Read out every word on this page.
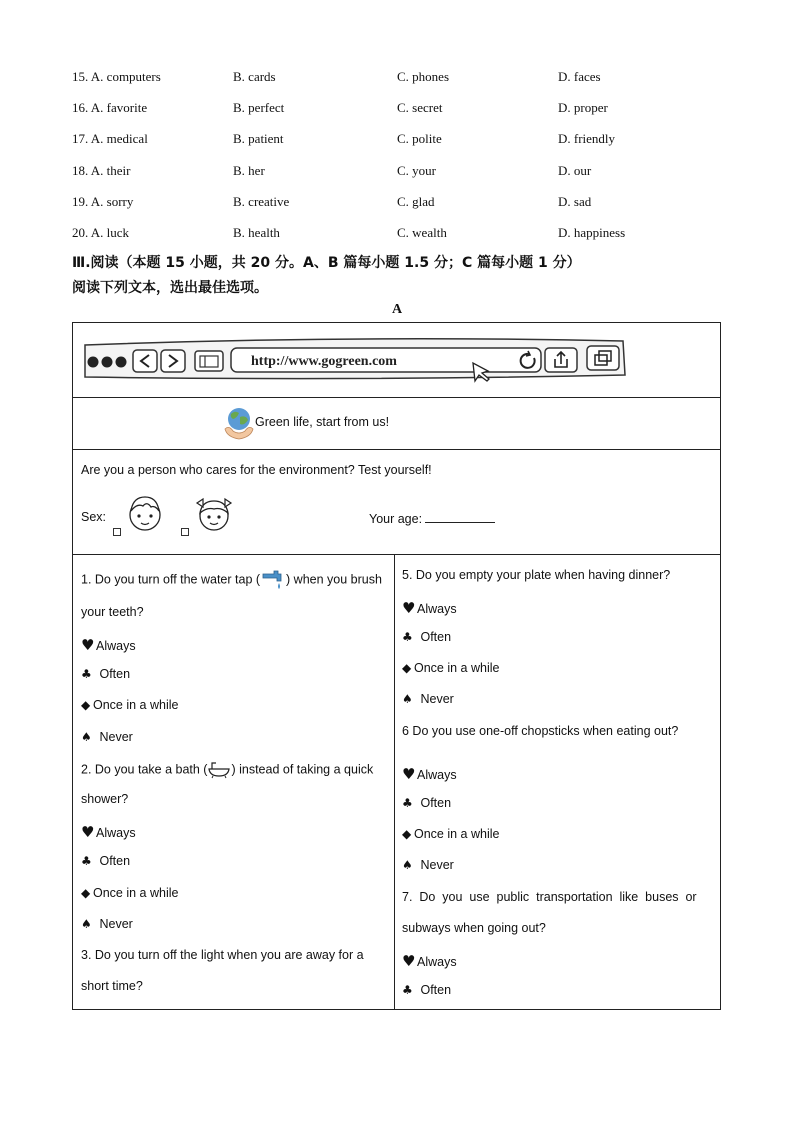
15. A. computers	B. cards	C. phones	D. faces
16. A. favorite	B. perfect	C. secret	D. proper
17. A. medical	B. patient	C. polite	D. friendly
18. A. their	B. her	C. your	D. our
19. A. sorry	B. creative	C. glad	D. sad
20. A. luck	B. health	C. wealth	D. happiness
Ⅲ.阅读（本题 15 小题，共 20 分。A、B 篇每小题 1.5 分；C 篇每小题 1 分）
阅读下列文本，选出最佳选项。
A
http://www.gogreen.com
Green life, start from us!
Are you a person who cares for the environment? Test yourself!
Sex:	Your age:
1. Do you turn off the water tap ( ) when you brush
your teeth?
♥ Always
♣ Often
◆ Once in a while
♠ Never
2. Do you take a bath ( ) instead of taking a quick
shower?
♥ Always
♣ Often
◆ Once in a while
♠ Never
3. Do you turn off the light when you are away for a
short time?
5. Do you empty your plate when having dinner?
♥ Always
♣ Often
◆ Once in a while
♠ Never
6 Do you use one-off chopsticks when eating out?
♥ Always
♣ Often
◆ Once in a while
♠ Never
7.  Do  you  use  public  transportation  like  buses  or
subways when going out?
♥ Always
♣ Often
